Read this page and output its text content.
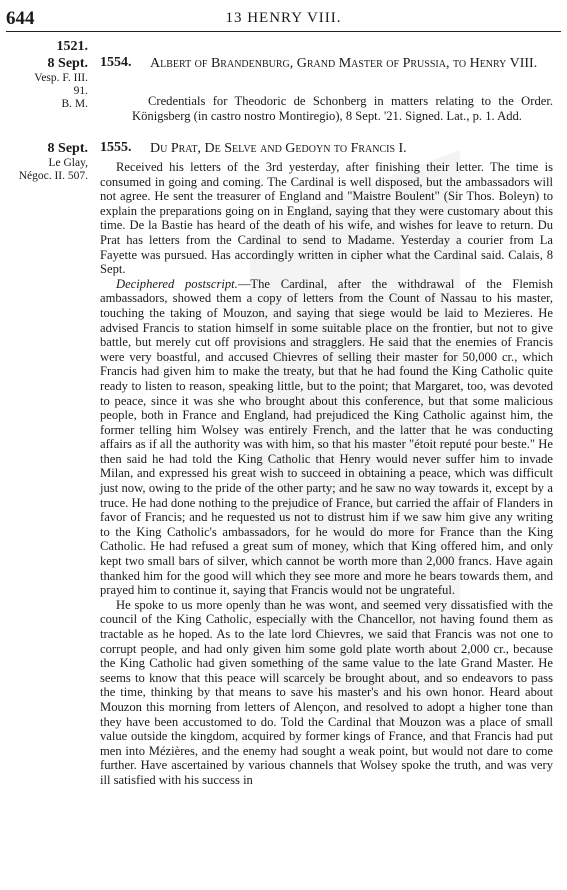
644	13 HENRY VIII.
1521.
8 Sept.
Vesp. F. III.
91.
B. M.
1554. Albert of Brandenburg, Grand Master of Prussia, to Henry VIII.

Credentials for Theodoric de Schonberg in matters relating to the Order. Königsberg (in castro nostro Montiregio), 8 Sept. '21. Signed. Lat., p. 1. Add.

8 Sept.
Le Glay,
Négoc. II. 507.
1555. Du Prat, De Selve and Gedoyn to Francis I.

Received his letters of the 3rd yesterday, after finishing their letter. The time is consumed in going and coming. The Cardinal is well disposed, but the ambassadors will not agree. He sent the treasurer of England and "Maistre Boulent" (Sir Thos. Boleyn) to explain the preparations going on in England, saying that they were customary about this time. De la Bastie has heard of the death of his wife, and wishes for leave to return. Du Prat has letters from the Cardinal to send to Madame. Yesterday a courier from La Fayette was pursued. Has accordingly written in cipher what the Cardinal said. Calais, 8 Sept.

Deciphered postscript.—The Cardinal, after the withdrawal of the Flemish ambassadors, showed them a copy of letters from the Count of Nassau to his master, touching the taking of Mouzon, and saying that siege would be laid to Mezieres. He advised Francis to station himself in some suitable place on the frontier, but not to give battle, but merely cut off provisions and stragglers. He said that the enemies of Francis were very boastful, and accused Chievres of selling their master for 50,000 cr., which Francis had given him to make the treaty, but that he had found the King Catholic quite ready to listen to reason, speaking little, but to the point; that Margaret, too, was devoted to peace, since it was she who brought about this conference, but that some malicious people, both in France and England, had prejudiced the King Catholic against him, the former telling him Wolsey was entirely French, and the latter that he was conducting affairs as if all the authority was with him, so that his master "étoit reputé pour beste." He then said he had told the King Catholic that Henry would never suffer him to invade Milan, and expressed his great wish to succeed in obtaining a peace, which was difficult just now, owing to the pride of the other party; and he saw no way towards it, except by a truce. He had done nothing to the prejudice of France, but carried the affair of Flanders in favor of Francis; and he requested us not to distrust him if we saw him give any writing to the King Catholic's ambassadors, for he would do more for France than the King Catholic. He had refused a great sum of money, which that King offered him, and only kept two small bars of silver, which cannot be worth more than 2,000 francs. Have again thanked him for the good will which they see more and more he bears towards them, and prayed him to continue it, saying that Francis would not be ungrateful.

He spoke to us more openly than he was wont, and seemed very dissatisfied with the council of the King Catholic, especially with the Chancellor, not having found them as tractable as he hoped. As to the late lord Chievres, we said that Francis was not one to corrupt people, and had only given him some gold plate worth about 2,000 cr., because the King Catholic had given something of the same value to the late Grand Master. He seems to know that this peace will scarcely be brought about, and so endeavors to pass the time, thinking by that means to save his master's and his own honor. Heard about Mouzon this morning from letters of Alençon, and resolved to adopt a higher tone than they have been accustomed to do. Told the Cardinal that Mouzon was a place of small value outside the kingdom, acquired by former kings of France, and that Francis had put men into Mézières, and the enemy had sought a weak point, but would not dare to come further. Have ascertained by various channels that Wolsey spoke the truth, and was very ill satisfied with his success in
